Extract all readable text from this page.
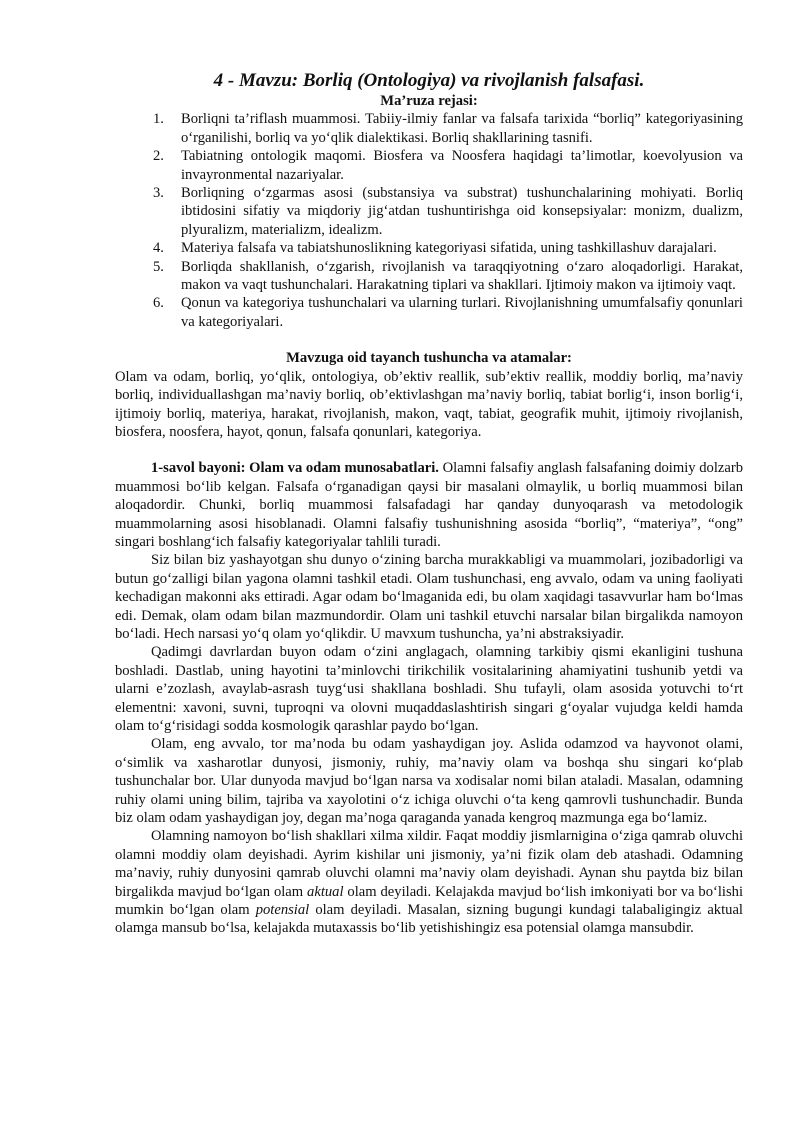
4 - Mavzu: Borliq (Ontologiya) va rivojlanish falsafasi.

Ma’ruza rejasi:

1. Borliqni ta’riflash muammosi. Tabiiy-ilmiy fanlar va falsafa tarixida “borliq” kategoriyasining o‘rganilishi, borliq va yo‘qlik dialektikasi. Borliq shakllarining tasnifi.
2. Tabiatning ontologik maqomi. Biosfera va Noosfera haqidagi ta’limotlar, koevolyusion va invayronmental nazariyalar.
3. Borliqning o‘zgarmas asosi (substansiya va substrat) tushunchalarining mohiyati. Borliq ibtidosini sifatiy va miqdoriy jig‘atdan tushuntirishga oid konsepsiyalar: monizm, dualizm, plyuralizm, materializm, idealizm.
4. Materiya falsafa va tabiatshunoslikning kategoriyasi sifatida, uning tashkillashuv darajalari.
5. Borliqda shakllanish, o‘zgarish, rivojlanish va taraqqiyotning o‘zaro aloqadorligi. Harakat, makon va vaqt tushunchalari. Harakatning tiplari va shakllari. Ijtimoiy makon va ijtimoiy vaqt.
6. Qonun va kategoriya tushunchalari va ularning turlari. Rivojlanishning umumfalsafiy qonunlari va kategoriyalari.

Mavzuga oid tayanch tushuncha va atamalar:

Olam va odam, borliq, yo‘qlik, ontologiya, ob’ektiv reallik, sub’ektiv reallik, moddiy borliq, ma’naviy borliq, individuallashgan ma’naviy borliq, ob’ektivlashgan ma’naviy borliq, tabiat borlig‘i, inson borlig‘i, ijtimoiy borliq, materiya, harakat, rivojlanish, makon, vaqt, tabiat, geografik muhit, ijtimoiy rivojlanish, biosfera, noosfera, hayot, qonun, falsafa qonunlari, kategoriya.

1-savol bayoni: Olam va odam munosabatlari. Olamni falsafiy anglash falsafaning doimiy dolzarb muammosi bo‘lib kelgan. Falsafa o‘rganadigan qaysi bir masalani olmaylik, u borliq muammosi bilan aloqadordir. Chunki, borliq muammosi falsafadagi har qanday dunyoqarash va metodologik muammolarning asosi hisoblanadi. Olamni falsafiy tushunishning asosida “borliq”, “materiya”, “ong” singari boshlang‘ich falsafiy kategoriyalar tahlili turadi.

Siz bilan biz yashayotgan shu dunyo o‘zining barcha murakkabligi va muammolari, jozibadorligi va butun go‘zalligi bilan yagona olamni tashkil etadi. Olam tushunchasi, eng avvalo, odam va uning faoliyati kechadigan makonni aks ettiradi. Agar odam bo‘lmaganida edi, bu olam xaqidagi tasavvurlar ham bo‘lmas edi. Demak, olam odam bilan mazmundordir. Olam uni tashkil etuvchi narsalar bilan birgalikda namoyon bo‘ladi. Hech narsasi yo‘q olam yo‘qlikdir. U mavxum tushuncha, ya’ni abstraksiyadir.

Qadimgi davrlardan buyon odam o‘zini anglagach, olamning tarkibiy qismi ekanligini tushuna boshladi. Dastlab, uning hayotini ta’minlovchi tirikchilik vositalarining ahamiyatini tushunib yetdi va ularni e’zozlash, avaylab-asrash tuyg‘usi shakllana boshladi. Shu tufayli, olam asosida yotuvchi to‘rt elementni: xavoni, suvni, tuproqni va olovni muqaddaslashtirish singari g‘oyalar vujudga keldi hamda olam to‘g‘risidagi sodda kosmologik qarashlar paydo bo‘lgan.

Olam, eng avvalo, tor ma’noda bu odam yashaydigan joy. Aslida odamzod va hayvonot olami, o‘simlik va xasharotlar dunyosi, jismoniy, ruhiy, ma’naviy olam va boshqa shu singari ko‘plab tushunchalar bor. Ular dunyoda mavjud bo‘lgan narsa va xodisalar nomi bilan ataladi. Masalan, odamning ruhiy olami uning bilim, tajriba va xayolotini o‘z ichiga oluvchi o‘ta keng qamrovli tushunchadir. Bunda biz olam odam yashaydigan joy, degan ma’noga qaraganda yanada kengroq mazmunga ega bo‘lamiz.

Olamning namoyon bo‘lish shakllari xilma xildir. Faqat moddiy jismlarnigina o‘ziga qamrab oluvchi olamni moddiy olam deyishadi. Ayrim kishilar uni jismoniy, ya’ni fizik olam deb atashadi. Odamning ma’naviy, ruhiy dunyosini qamrab oluvchi olamni ma’naviy olam deyishadi. Aynan shu paytda biz bilan birgalikda mavjud bo‘lgan olam aktual olam deyiladi. Kelajakda mavjud bo‘lish imkoniyati bor va bo‘lishi mumkin bo‘lgan olam potensial olam deyiladi. Masalan, sizning bugungi kundagi talabaligingiz aktual olamga mansub bo‘lsa, kelajakda mutaxassis bo‘lib yetishishingiz esa potensial olamga mansubdir.
